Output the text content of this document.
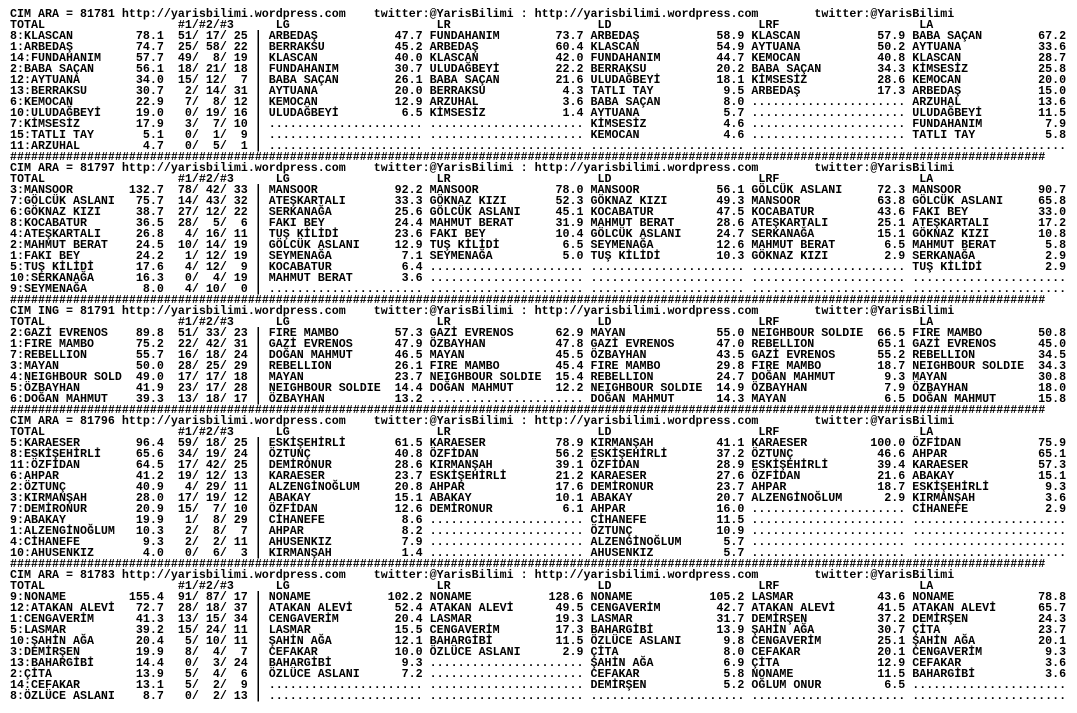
CIM ARA = 81781 http://yarisbilimi.wordpress.com twitter:@YarisBilimi : http://yarisbilimi.wordpress.com	twitter:@YarisBilimi
TOTAL	#1/#2/#3	LG	LR	LD	LRF	LA
8:KLASCAN	78.1 51/ 17/ 25 | ARBEDAŞ	47.7 FUNDAHANIM	73.7 ARBEDAŞ	58.9 KLASCAN	57.9 BABA SAÇAN	67.2
1:ARBEDAŞ	74.7 25/ 58/ 22 | BERRAKSU	45.2 ARBEDAŞ	60.4 KLASCAN	54.9 AYTUANA	50.2 AYTUANA	33.6
14:FUNDAHANIM	57.7 49/ 8/ 19 | KLASCAN	40.0 KLASCAN	42.0 FUNDAHANIM	44.7 KEMOCAN	40.8 KLASCAN	28.7
2:BABA SAÇAN	56.1 18/ 21/ 18 | FUNDAHANIM	30.7 ULUDAĞBEYİ	22.2 BERRAKSU	20.2 BABA SAÇAN	34.3 KİMSESİZ	25.8
12:AYTUANA	34.0 15/ 12/ 7 | BABA SAÇAN	26.1 BABA SAÇAN	21.6 ULUDAĞBEYİ	18.1 KİMSESİZ	28.6 KEMOCAN	20.0
13:BERRAKSU	30.7 2/ 14/ 31 | AYTUANA	20.0 BERRAKSU	4.3 TATLI TAY	9.5 ARBEDAŞ	17.3 ARBEDAŞ	15.0
6:KEMOCAN	22.9 7/ 8/ 12 | KEMOCAN	12.9 ARZUHAL	3.6 BABA SAÇAN	8.0 ...................... ARZUHAL	13.6
10:ULUDAĞBEYİ	19.0 0/ 19/ 16 | ULUDAĞBEYİ	6.5 KİMSESİZ	1.4 AYTUANA	5.7 ...................... ULUDAĞBEYİ	11.5
7:KİMSESİZ	17.9 3/ 7/ 10 | ...................... ...................... KİMSESİZ	4.6 ...................... FUNDAHANIM	7.9
15:TATLI TAY	5.1 0/ 1/ 9 | ...................... ...................... KEMOCAN	4.6 ...................... TATLI TAY	5.8
11:ARZUHAL	4.7 0/ 5/ 1 | ...................... ...................... ...................... ...................... ......................
####################################################################################################################################################
CIM ARA = 81797 http://yarisbilimi.wordpress.com twitter:@YarisBilimi : http://yarisbilimi.wordpress.com	twitter:@YarisBilimi
TOTAL	#1/#2/#3	LG	LR	LD	LRF	LA
3:MANSOOR	132.7 78/ 42/ 33 | MANSOOR	92.2 MANSOOR	78.0 MANSOOR	56.1 GÖLCÜK ASLANI	72.3 MANSOOR	90.7
7:GÖLCÜK ASLANI 75.7 14/ 43/ 32 | ATEŞKARTALI	33.3 GÖKNAZ KIZI	52.3 GÖKNAZ KIZI	49.3 MANSOOR	63.8 GÖLCÜK ASLANI	65.8
6:GÖKNAZ KIZI	38.7 27/ 12/ 22 | SERKANAĞA	25.6 GÖLCÜK ASLANI	45.1 KOCABATUR	47.5 KOCABATUR	43.6 FAKI BEY	33.0
8:KOCABATUR	36.5 28/ 5/ 6 | FAKI BEY	24.4 MAHMUT BERAT	31.9 MAHMUT BERAT	28.6 ATEŞKARTALI	25.1 ATEŞKARTALI	17.2
4:ATEŞKARTALI	26.8 4/ 16/ 11 | TUŞ KİLİDİ	23.6 FAKI BEY	10.4 GÖLCÜK ASLANI	24.7 SERKANAĞA	15.1 GÖKNAZ KIZI	10.8
2:MAHMUT BERAT 24.5 10/ 14/ 19 | GÖLCÜK ASLANI	12.9 TUŞ KİLİDİ	6.5 SEYMENAĞA	12.6 MAHMUT BERAT	6.5 MAHMUT BERAT	5.8
1:FAKI BEY	24.2 1/ 12/ 19 | SEYMENAĞA	7.1 SEYMENAĞA	5.0 TUŞ KİLİDİ	10.3 GÖKNAZ KIZI	2.9 SERKANAĞA	2.9
5:TUŞ KİLİDİ	17.6 4/ 12/ 9 | KOCABATUR	6.4 ...................... ...................... ...................... TUŞ KİLİDİ	2.9
10:SERKANAĞA	16.3 0/ 4/ 19 | MAHMUT BERAT	3.6 ...................... ...................... ...................... ......................
9:SEYMENAĞA	8.0 4/ 10/ 0 | ...................... ...................... ...................... ...................... ......................
####################################################################################################################################################
CIM ING = 81791 http://yarisbilimi.wordpress.com twitter:@YarisBilimi : http://yarisbilimi.wordpress.com	twitter:@YarisBilimi
TOTAL	#1/#2/#3	LG	LR	LD	LRF	LA
2:GAZİ EVRENOS 89.8 51/ 33/ 23 | FIRE MAMBO	57.3 GAZİ EVRENOS	62.9 MAYAN	55.0 NEIGHBOUR SOLDIE 66.5 FIRE MAMBO	50.8
1:FIRE MAMBO	75.2 22/ 42/ 31 | GAZİ EVRENOS	47.9 ÖZBAYHAN	47.8 GAZİ EVRENOS	47.0 REBELLION	65.1 GAZİ EVRENOS	45.0
7:REBELLION	55.7 16/ 18/ 24 | DOĞAN MAHMUT	46.5 MAYAN	45.5 ÖZBAYHAN	43.5 GAZİ EVRENOS	55.2 REBELLION	34.5
3:MAYAN	50.0 28/ 25/ 29 | REBELLION	26.1 FIRE MAMBO	45.4 FIRE MAMBO	29.8 FIRE MAMBO	18.7 NEIGHBOUR SOLDIE 34.3
4:NEIGHBOUR SOLD 49.0 17/ 17/ 18 | MAYAN	23.7 NEIGHBOUR SOLDIE 15.4 REBELLION	24.7 DOĞAN MAHMUT	9.3 MAYAN	30.8
5:ÖZBAYHAN	41.9 23/ 17/ 28 | NEIGHBOUR SOLDIE 14.4 DOĞAN MAHMUT	12.2 NEIGHBOUR SOLDIE 14.9 ÖZBAYHAN	7.9 ÖZBAYHAN	18.0
6:DOĞAN MAHMUT 39.3 13/ 18/ 17 | ÖZBAYHAN	13.2 ...................... DOĞAN MAHMUT	14.3 MAYAN	6.5 DOĞAN MAHMUT	15.8
####################################################################################################################################################
CIM ARA = 81796 http://yarisbilimi.wordpress.com twitter:@YarisBilimi : http://yarisbilimi.wordpress.com	twitter:@YarisBilimi
TOTAL	#1/#2/#3	LG	LR	LD	LRF	LA
5:KARAESER	96.4 59/ 18/ 25 | ESKİŞEHİRLİ	61.5 KARAESER	78.9 KIRMANŞAH	41.1 KARAESER	100.0 ÖZFİDAN	75.9
8:ESKİŞEHİRLİ	65.6 34/ 19/ 24 | ÖZTUNÇ	40.8 ÖZFİDAN	56.2 ESKİŞEHİRLİ	37.2 ÖZTUNÇ	46.6 AHPAR	65.1
11:ÖZFİDAN	64.5 17/ 42/ 25 | DEMİRONUR	28.6 KIRMANŞAH	39.1 ÖZFİDAN	28.9 ESKİŞEHİRLİ	39.4 KARAESER	57.3
6:AHPAR	41.2 19/ 12/ 13 | KARAESER	23.7 ESKİŞEHİRLİ	21.2 KARAESER	27.6 ÖZFİDAN	21.6 ABAKAY	15.1
2:ÖZTUNÇ	40.9 4/ 29/ 11 | ALZENGİNOĞLUM	20.8 AHPAR	17.6 DEMİRONUR	23.7 AHPAR	18.7 ESKİŞEHİRLİ	9.3
3:KIRMANŞAH	28.0 17/ 19/ 12 | ABAKAY	15.1 ABAKAY	10.1 ABAKAY	20.7 ALZENGİNOĞLUM	2.9 KIRMANŞAH	3.6
7:DEMİRONUR	20.9 15/ 7/ 10 | ÖZFİDAN	12.6 DEMİRONUR	6.1 AHPAR	16.0 ...................... CİHANEFE	2.9
9:ABAKAY	19.9 1/ 8/ 29 | CİHANEFE	8.6 ...................... CİHANEFE	11.5 ...................... ......................
1:ALZENGİNOĞLUM 10.3 2/ 8/ 7 | AHPAR	8.2 ...................... ÖZTUNÇ	10.9 ...................... ......................
4:CİHANEFE	9.3 2/ 2/ 11 | AHUSENKIZ	7.9 ...................... ALZENGİNOĞLUM	5.7 ...................... ......................
10:AHUSENKIZ	4.0 0/ 6/ 3 | KIRMANŞAH	1.4 ...................... AHUSENKIZ	5.7 ...................... ......................
####################################################################################################################################################
CIM ARA = 81783 http://yarisbilimi.wordpress.com twitter:@YarisBilimi : http://yarisbilimi.wordpress.com	twitter:@YarisBilimi
TOTAL	#1/#2/#3	LG	LR	LD	LRF	LA
9:NONAME	155.4 91/ 87/ 17 | NONAME	102.2 NONAME	128.6 NONAME	105.2 LASMAR	43.6 NONAME	78.8
12:ATAKAN ALEVİ 72.7 28/ 18/ 37 | ATAKAN ALEVİ	52.4 ATAKAN ALEVİ	49.5 CENGAVERİM	42.7 ATAKAN ALEVİ	41.5 ATAKAN ALEVİ	65.7
1:CENGAVERİM	41.3 13/ 15/ 34 | CENGAVERİM	20.4 LASMAR	19.3 LASMAR	31.7 DEMİRŞEN	37.2 DEMİRŞEN	24.3
5:LASMAR	39.2 15/ 24/ 11 | LASMAR	15.5 CENGAVERİM	17.3 BAHARGİBİ	13.9 ŞAHİN AĞA	30.7 ÇİTA	23.7
10:ŞAHİN AĞA	20.4 5/ 10/ 11 | ŞAHİN AĞA	12.1 BAHARGİBİ	11.5 ÖZLÜCE ASLANI	9.8 CENGAVERİM	25.1 ŞAHİN AĞA	20.1
3:DEMİRŞEN	19.9 8/ 4/ 7 | CEFAKAR	10.0 ÖZLÜCE ASLANI	2.9 ÇİTA	8.0 CEFAKAR	20.1 CENGAVERİM	9.3
13:BAHARGİBİ	14.4 0/ 3/ 24 | BAHARGİBİ	9.3 ...................... ŞAHİN AĞA	6.9 ÇİTA	12.9 CEFAKAR	3.6
2:ÇİTA	13.9 5/ 4/ 6 | ÖZLÜCE ASLANI	7.2 ...................... CEFAKAR	5.8 NONAME	11.5 BAHARGİBİ	3.6
14:CEFAKAR	13.1 5/ 2/ 9 | ...................... ...................... DEMİRŞEN	5.2 OĞLUM ONUR	6.5 ......................
8:ÖZLÜCE ASLANI 8.7 0/ 2/ 13 | ...................... ...................... ...................... ...................... ......................
